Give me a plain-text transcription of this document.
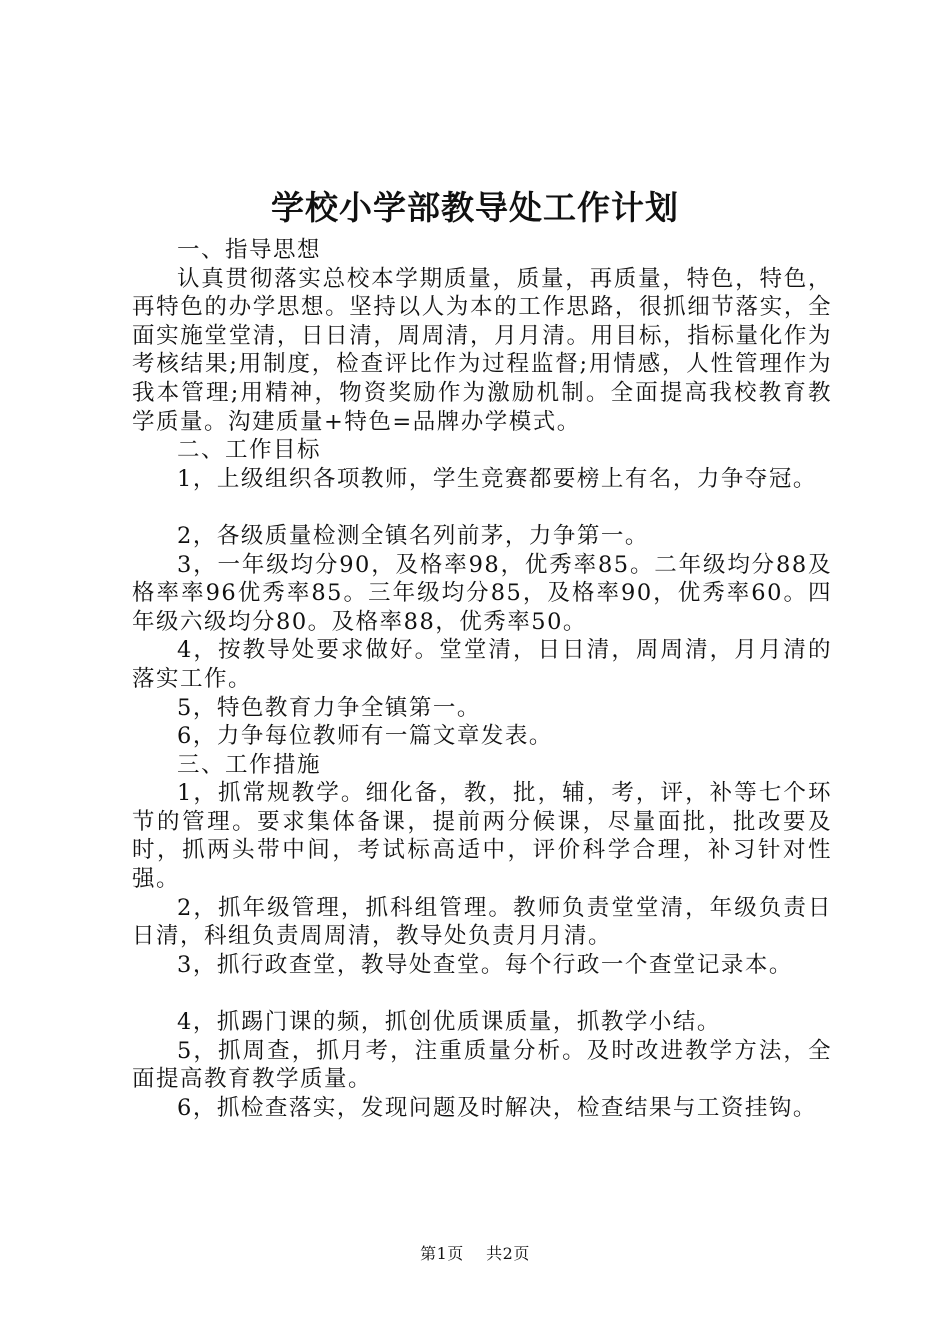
学校小学部教导处工作计划

一、指导思想

认真贯彻落实总校本学期质量，质量，再质量，特色，特色，再特色的办学思想。坚持以人为本的工作思路，很抓细节落实，全面实施堂堂清，日日清，周周清，月月清。用目标，指标量化作为考核结果;用制度，检查评比作为过程监督;用情感，人性管理作为我本管理;用精神，物资奖励作为激励机制。全面提高我校教育教学质量。沟建质量+特色=品牌办学模式。

二、工作目标

1，上级组织各项教师，学生竞赛都要榜上有名，力争夺冠。

2，各级质量检测全镇名列前茅，力争第一。

3，一年级均分90，及格率98，优秀率85。二年级均分88及格率率96优秀率85。三年级均分85，及格率90，优秀率60。四年级六级均分80。及格率88，优秀率50。

4，按教导处要求做好。堂堂清，日日清，周周清，月月清的落实工作。

5，特色教育力争全镇第一。

6，力争每位教师有一篇文章发表。

三、工作措施

1，抓常规教学。细化备，教，批，辅，考，评，补等七个环节的管理。要求集体备课，提前两分候课，尽量面批，批改要及时，抓两头带中间，考试标高适中，评价科学合理，补习针对性强。

2，抓年级管理，抓科组管理。教师负责堂堂清，年级负责日日清，科组负责周周清，教导处负责月月清。

3，抓行政查堂，教导处查堂。每个行政一个查堂记录本。

4，抓踢门课的频，抓创优质课质量，抓教学小结。

5，抓周查，抓月考，注重质量分析。及时改进教学方法，全面提高教育教学质量。

6，抓检查落实，发现问题及时解决，检查结果与工资挂钩。

第1页 共2页
